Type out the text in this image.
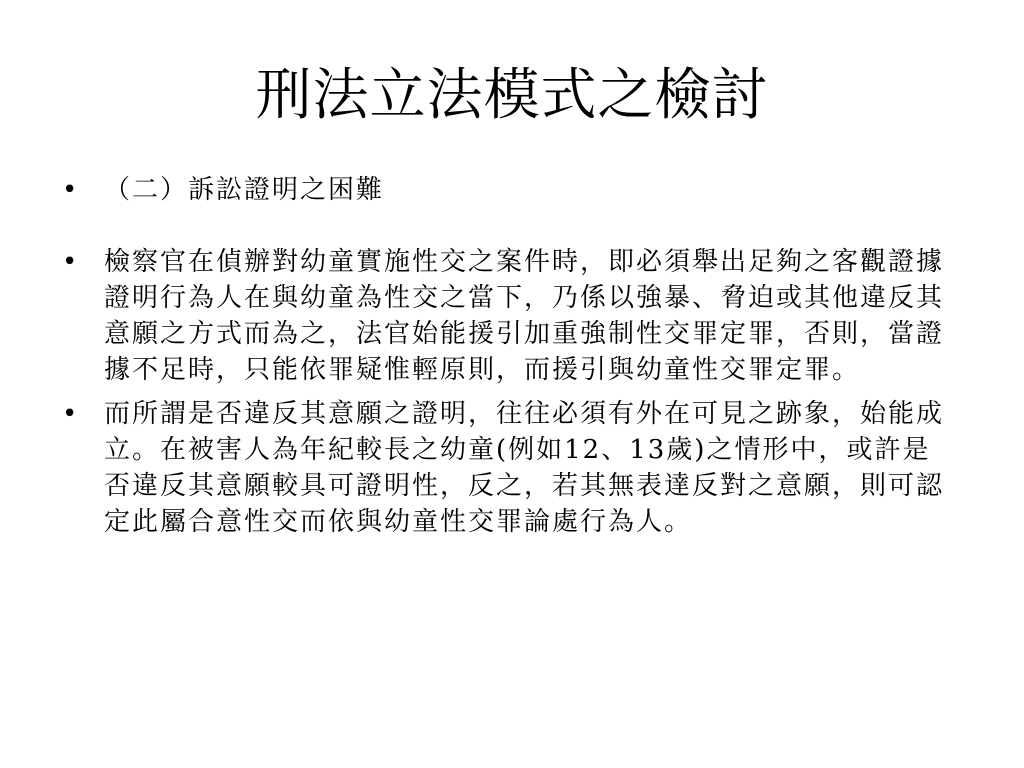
刑法立法模式之檢討
• （二）訴訟證明之困難
• 檢察官在偵辦對幼童實施性交之案件時，即必須舉出足夠之客觀證據證明行為人在與幼童為性交之當下，乃係以強暴、脅迫或其他違反其意願之方式而為之，法官始能援引加重強制性交罪定罪，否則，當證據不足時，只能依罪疑惟輕原則，而援引與幼童性交罪定罪。
• 而所謂是否違反其意願之證明，往往必須有外在可見之跡象，始能成立。在被害人為年紀較長之幼童(例如12、13歲)之情形中，或許是否違反其意願較具可證明性，反之，若其無表達反對之意願，則可認定此屬合意性交而依與幼童性交罪論處行為人。
